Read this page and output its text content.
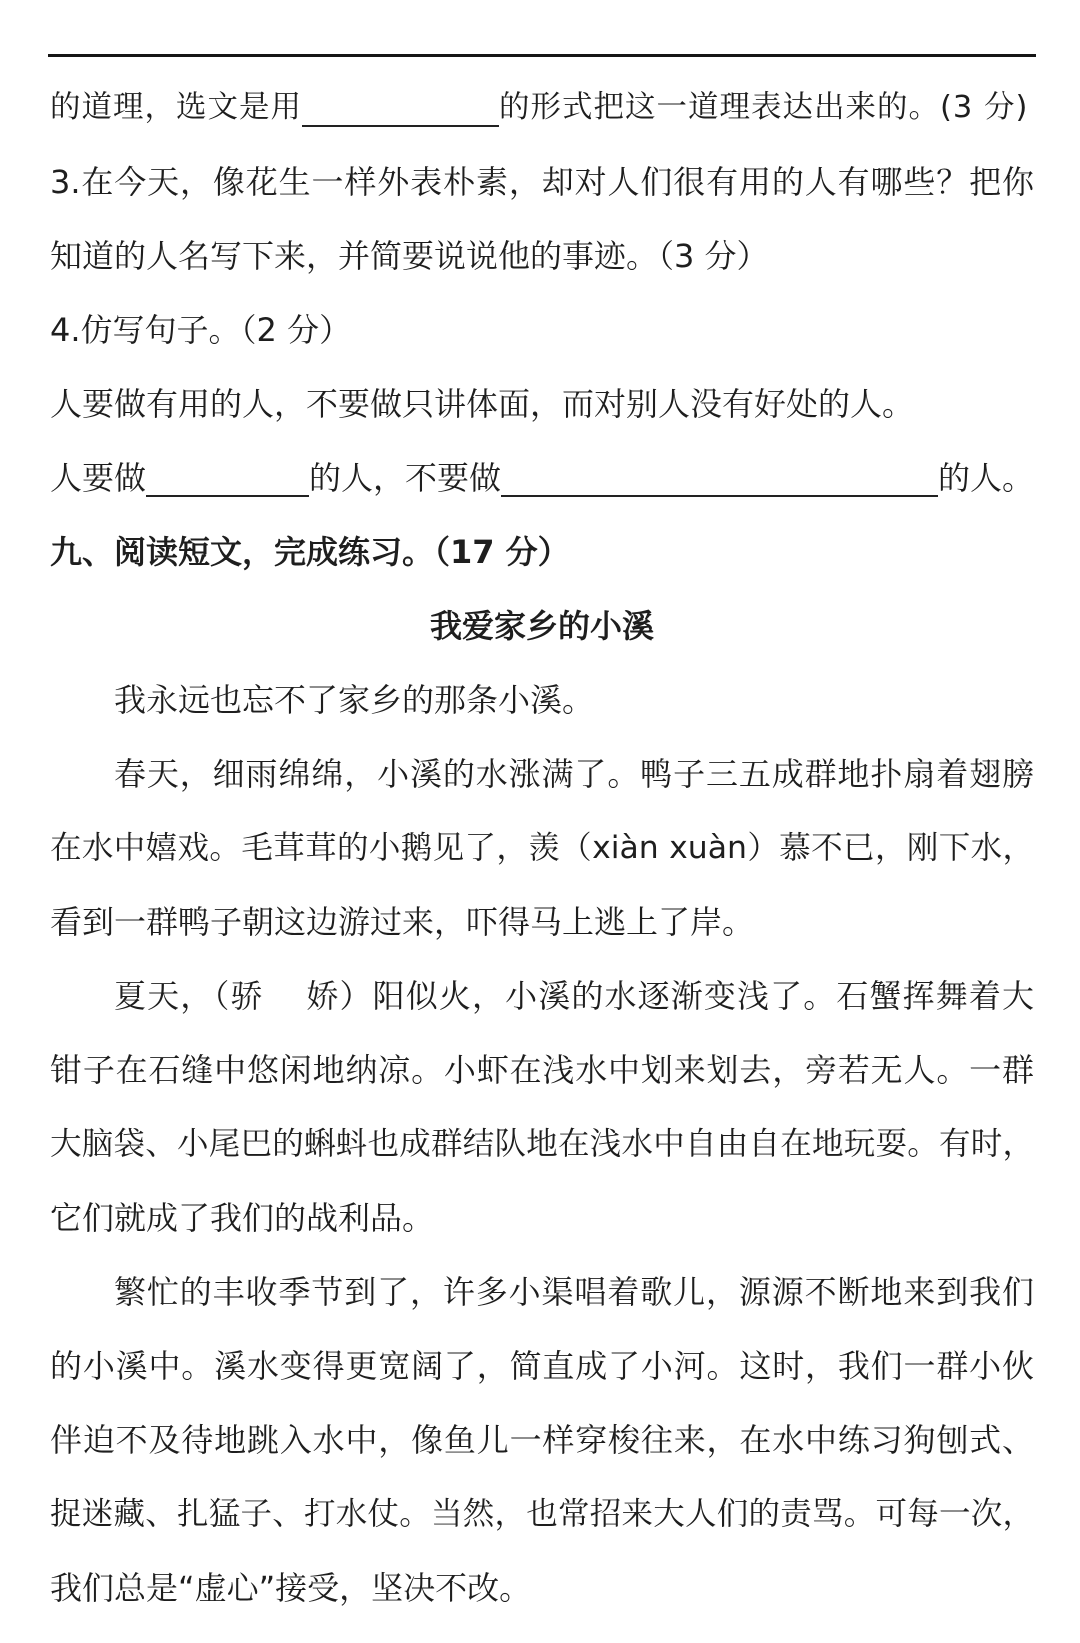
的道理，选文是用	的形式把这一道理表达出来的。(3 分)
3.在今天，像花生一样外表朴素，却对人们很有用的人有哪些？把你
知道的人名写下来，并简要说说他的事迹。（3 分）
4.仿写句子。（2 分）
人要做有用的人，不要做只讲体面，而对别人没有好处的人。
人要做	的人，不要做	的人。
九、阅读短文，完成练习。（17 分）
我爱家乡的小溪
我永远也忘不了家乡的那条小溪。
春天，细雨绵绵，小溪的水涨满了。鸭子三五成群地扑扇着翅膀
在水中嬉戏。毛茸茸的小鹅见了，羡（xiàn xuàn）慕不已，刚下水，
看到一群鸭子朝这边游过来，吓得马上逃上了岸。
夏天，（骄 娇）阳似火，小溪的水逐渐变浅了。石蟹挥舞着大
钳子在石缝中悠闲地纳凉。小虾在浅水中划来划去，旁若无人。一群
大脑袋、小尾巴的蝌蚪也成群结队地在浅水中自由自在地玩耍。有时，
它们就成了我们的战利品。
繁忙的丰收季节到了，许多小渠唱着歌儿，源源不断地来到我们
的小溪中。溪水变得更宽阔了，简直成了小河。这时，我们一群小伙
伴迫不及待地跳入水中，像鱼儿一样穿梭往来，在水中练习狗刨式、
捉迷藏、扎猛子、打水仗。当然，也常招来大人们的责骂。可每一次，
我们总是“虚心”接受，坚决不改。
